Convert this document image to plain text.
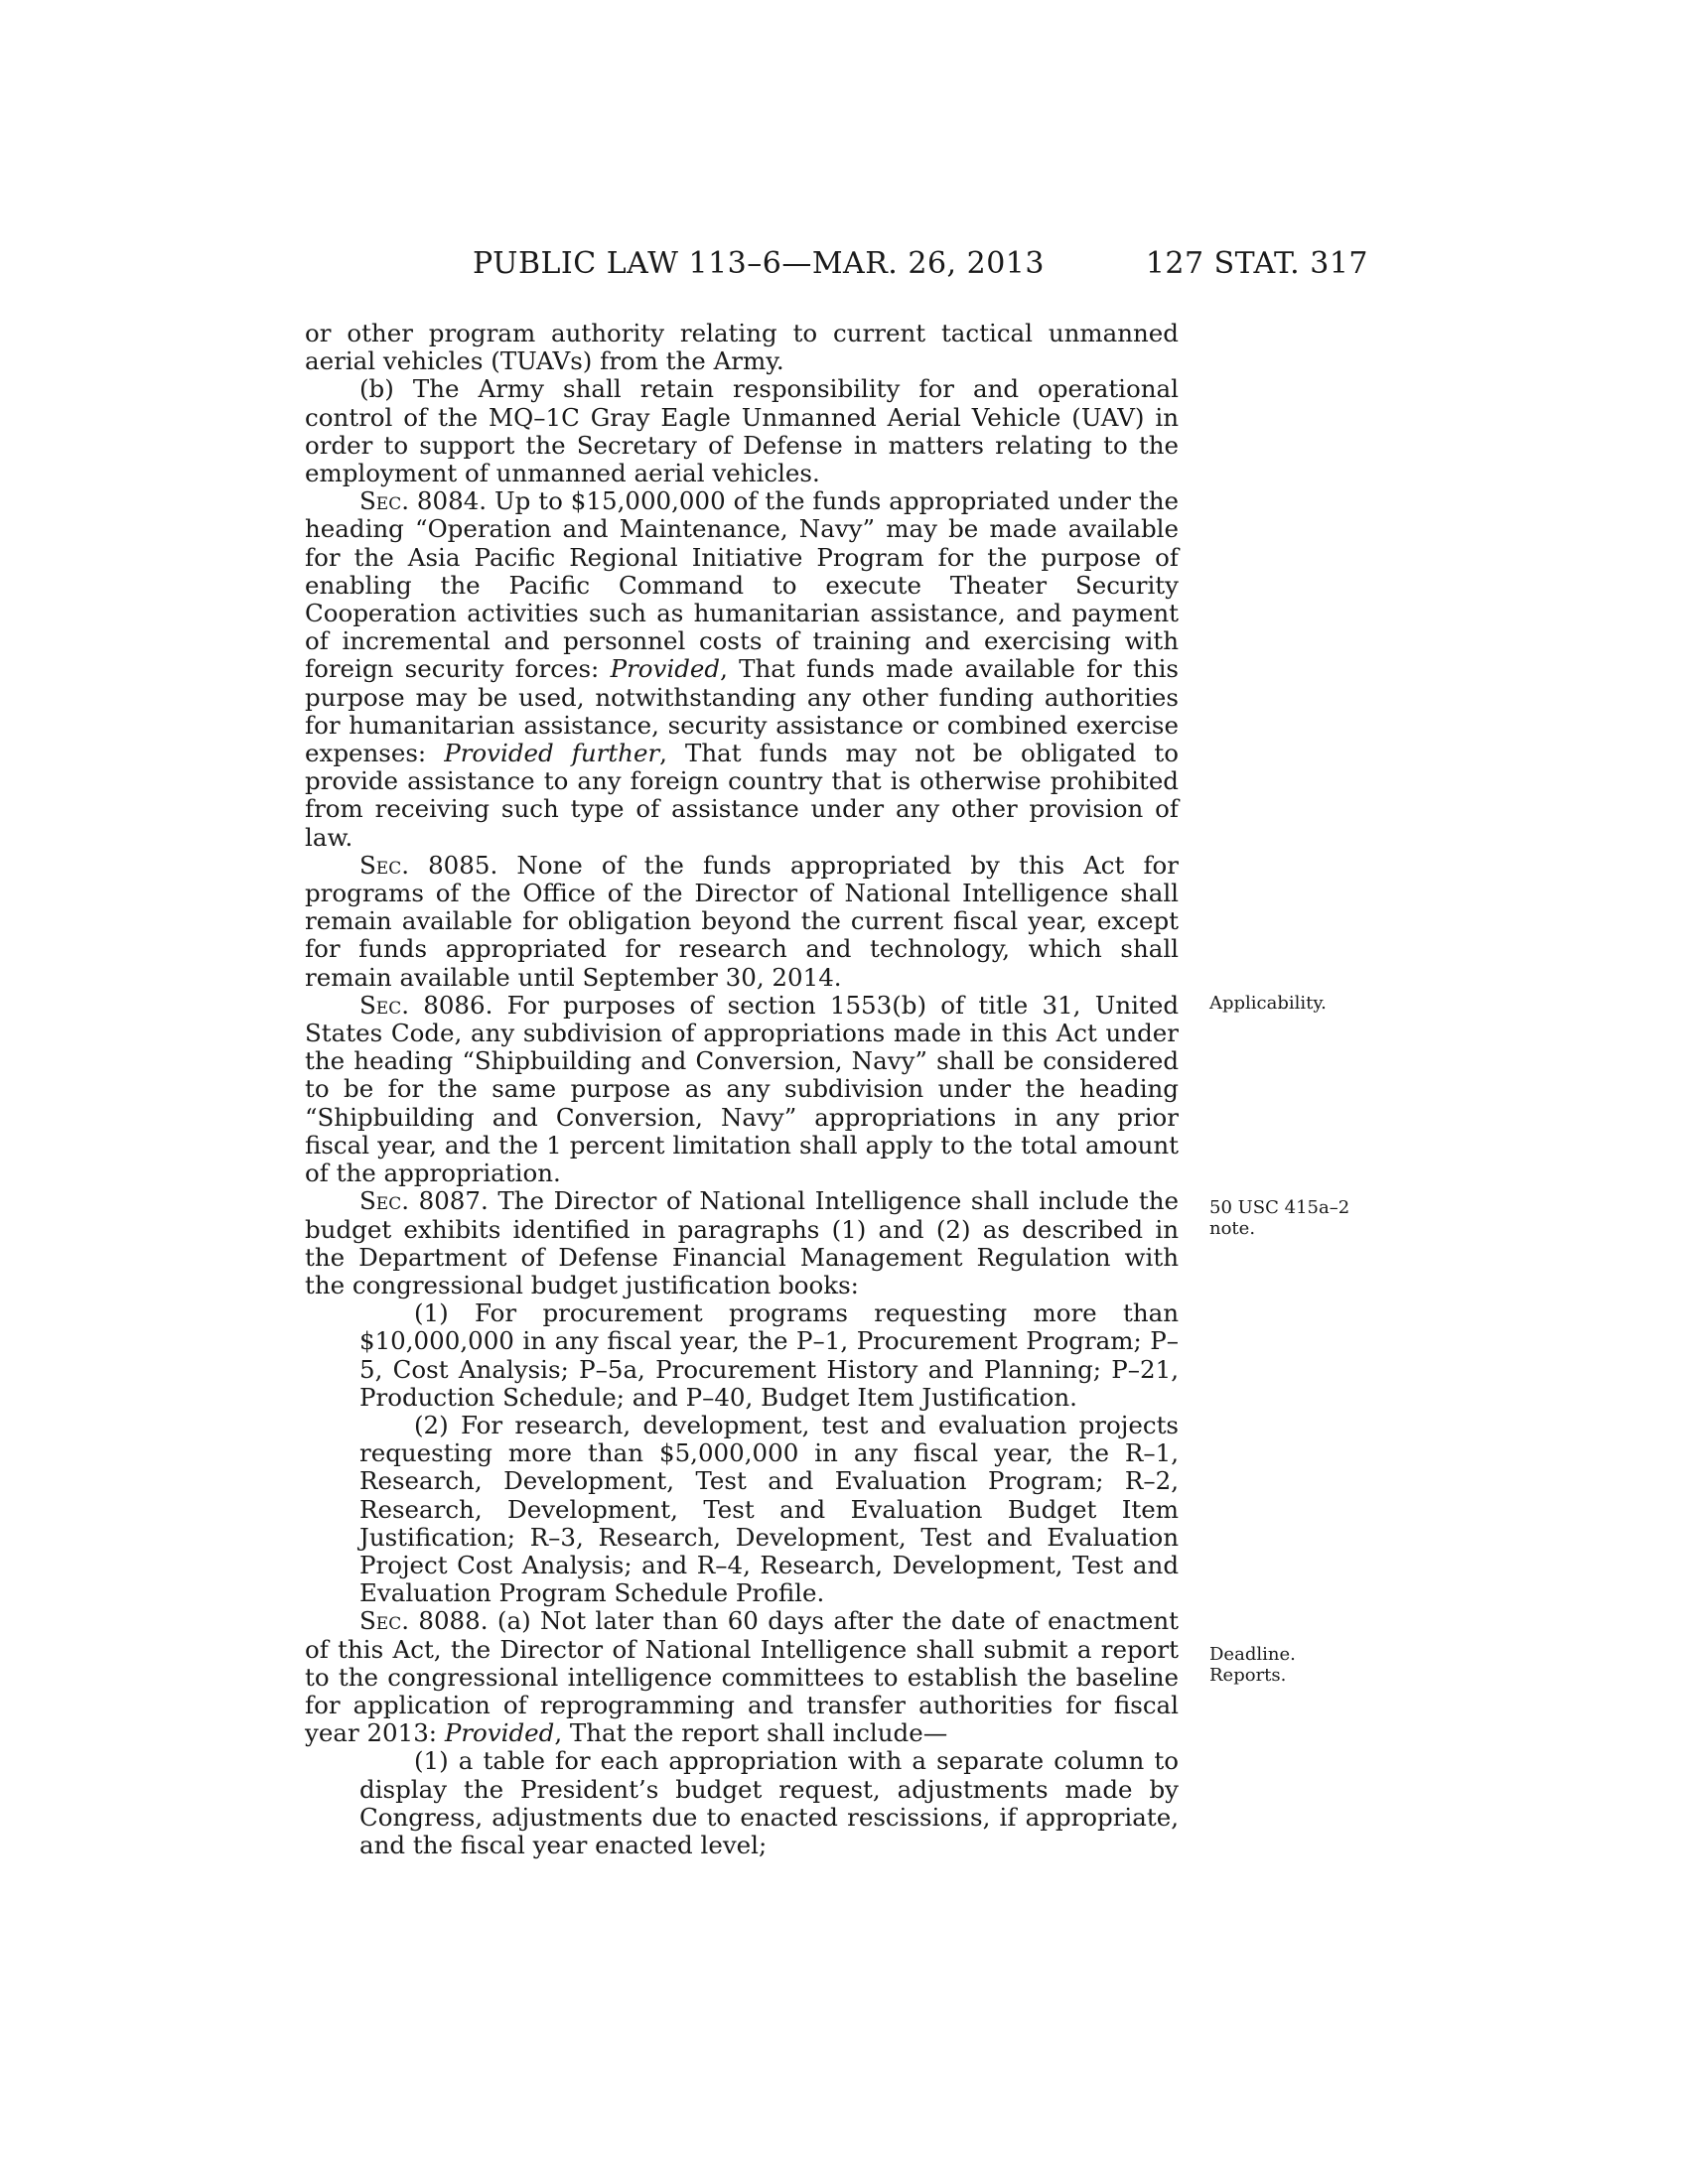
PUBLIC LAW 113–6—MAR. 26, 2013	127 STAT. 317

or other program authority relating to current tactical unmanned aerial vehicles (TUAVs) from the Army.

(b) The Army shall retain responsibility for and operational control of the MQ–1C Gray Eagle Unmanned Aerial Vehicle (UAV) in order to support the Secretary of Defense in matters relating to the employment of unmanned aerial vehicles.

Sec. 8084. Up to $15,000,000 of the funds appropriated under the heading “Operation and Maintenance, Navy” may be made available for the Asia Pacific Regional Initiative Program for the purpose of enabling the Pacific Command to execute Theater Security Cooperation activities such as humanitarian assistance, and payment of incremental and personnel costs of training and exercising with foreign security forces: Provided, That funds made available for this purpose may be used, notwithstanding any other funding authorities for humanitarian assistance, security assistance or combined exercise expenses: Provided further, That funds may not be obligated to provide assistance to any foreign country that is otherwise prohibited from receiving such type of assistance under any other provision of law.

Sec. 8085. None of the funds appropriated by this Act for programs of the Office of the Director of National Intelligence shall remain available for obligation beyond the current fiscal year, except for funds appropriated for research and technology, which shall remain available until September 30, 2014.

Sec. 8086. For purposes of section 1553(b) of title 31, United States Code, any subdivision of appropriations made in this Act under the heading “Shipbuilding and Conversion, Navy” shall be considered to be for the same purpose as any subdivision under the heading “Shipbuilding and Conversion, Navy” appropriations in any prior fiscal year, and the 1 percent limitation shall apply to the total amount of the appropriation.

Sec. 8087. The Director of National Intelligence shall include the budget exhibits identified in paragraphs (1) and (2) as described in the Department of Defense Financial Management Regulation with the congressional budget justification books:

(1) For procurement programs requesting more than $10,000,000 in any fiscal year, the P–1, Procurement Program; P–5, Cost Analysis; P–5a, Procurement History and Planning; P–21, Production Schedule; and P–40, Budget Item Justification.

(2) For research, development, test and evaluation projects requesting more than $5,000,000 in any fiscal year, the R–1, Research, Development, Test and Evaluation Program; R–2, Research, Development, Test and Evaluation Budget Item Justification; R–3, Research, Development, Test and Evaluation Project Cost Analysis; and R–4, Research, Development, Test and Evaluation Program Schedule Profile.

Sec. 8088. (a) Not later than 60 days after the date of enactment of this Act, the Director of National Intelligence shall submit a report to the congressional intelligence committees to establish the baseline for application of reprogramming and transfer authorities for fiscal year 2013: Provided, That the report shall include—

(1) a table for each appropriation with a separate column to display the President’s budget request, adjustments made by Congress, adjustments due to enacted rescissions, if appropriate, and the fiscal year enacted level;

Applicability.
50 USC 415a–2
note.
Deadline.
Reports.
